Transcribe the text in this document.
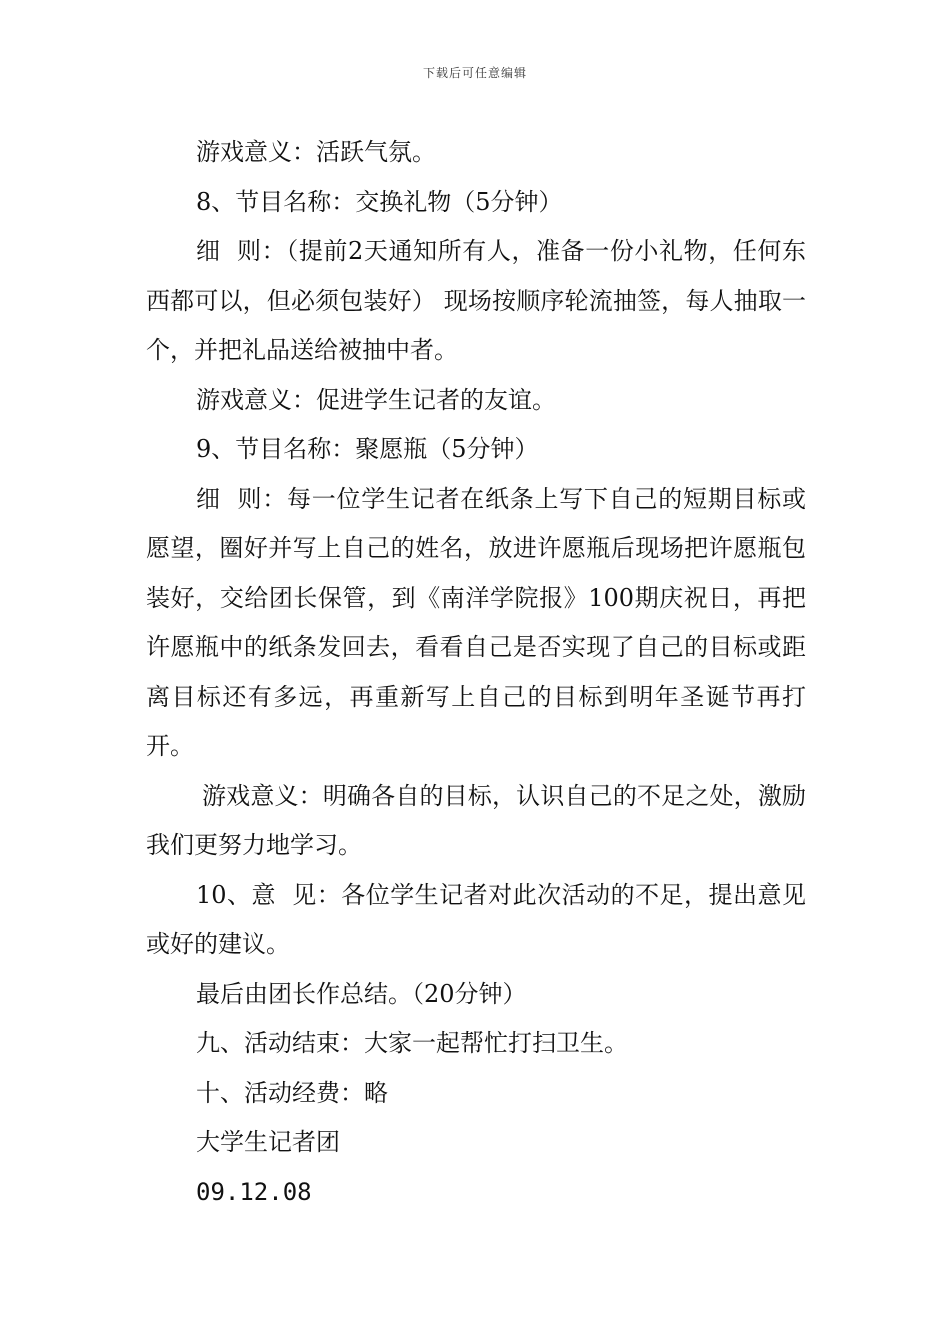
下载后可任意编辑

游戏意义：活跃气氛。

8、节目名称：交换礼物（5分钟）

细  则：（提前2天通知所有人，准备一份小礼物，任何东西都可以，但必须包装好） 现场按顺序轮流抽签，每人抽取一个，并把礼品送给被抽中者。

游戏意义：促进学生记者的友谊。

9、节目名称：聚愿瓶（5分钟）

细  则：每一位学生记者在纸条上写下自己的短期目标或愿望，圈好并写上自己的姓名，放进许愿瓶后现场把许愿瓶包装好，交给团长保管，到《南洋学院报》100期庆祝日，再把许愿瓶中的纸条发回去，看看自己是否实现了自己的目标或距离目标还有多远，再重新写上自己的目标到明年圣诞节再打开。

游戏意义：明确各自的目标，认识自己的不足之处，激励我们更努力地学习。

10、意  见：各位学生记者对此次活动的不足，提出意见或好的建议。

最后由团长作总结。（20分钟）

九、活动结束：大家一起帮忙打扫卫生。

十、活动经费：略

大学生记者团

09.12.08
